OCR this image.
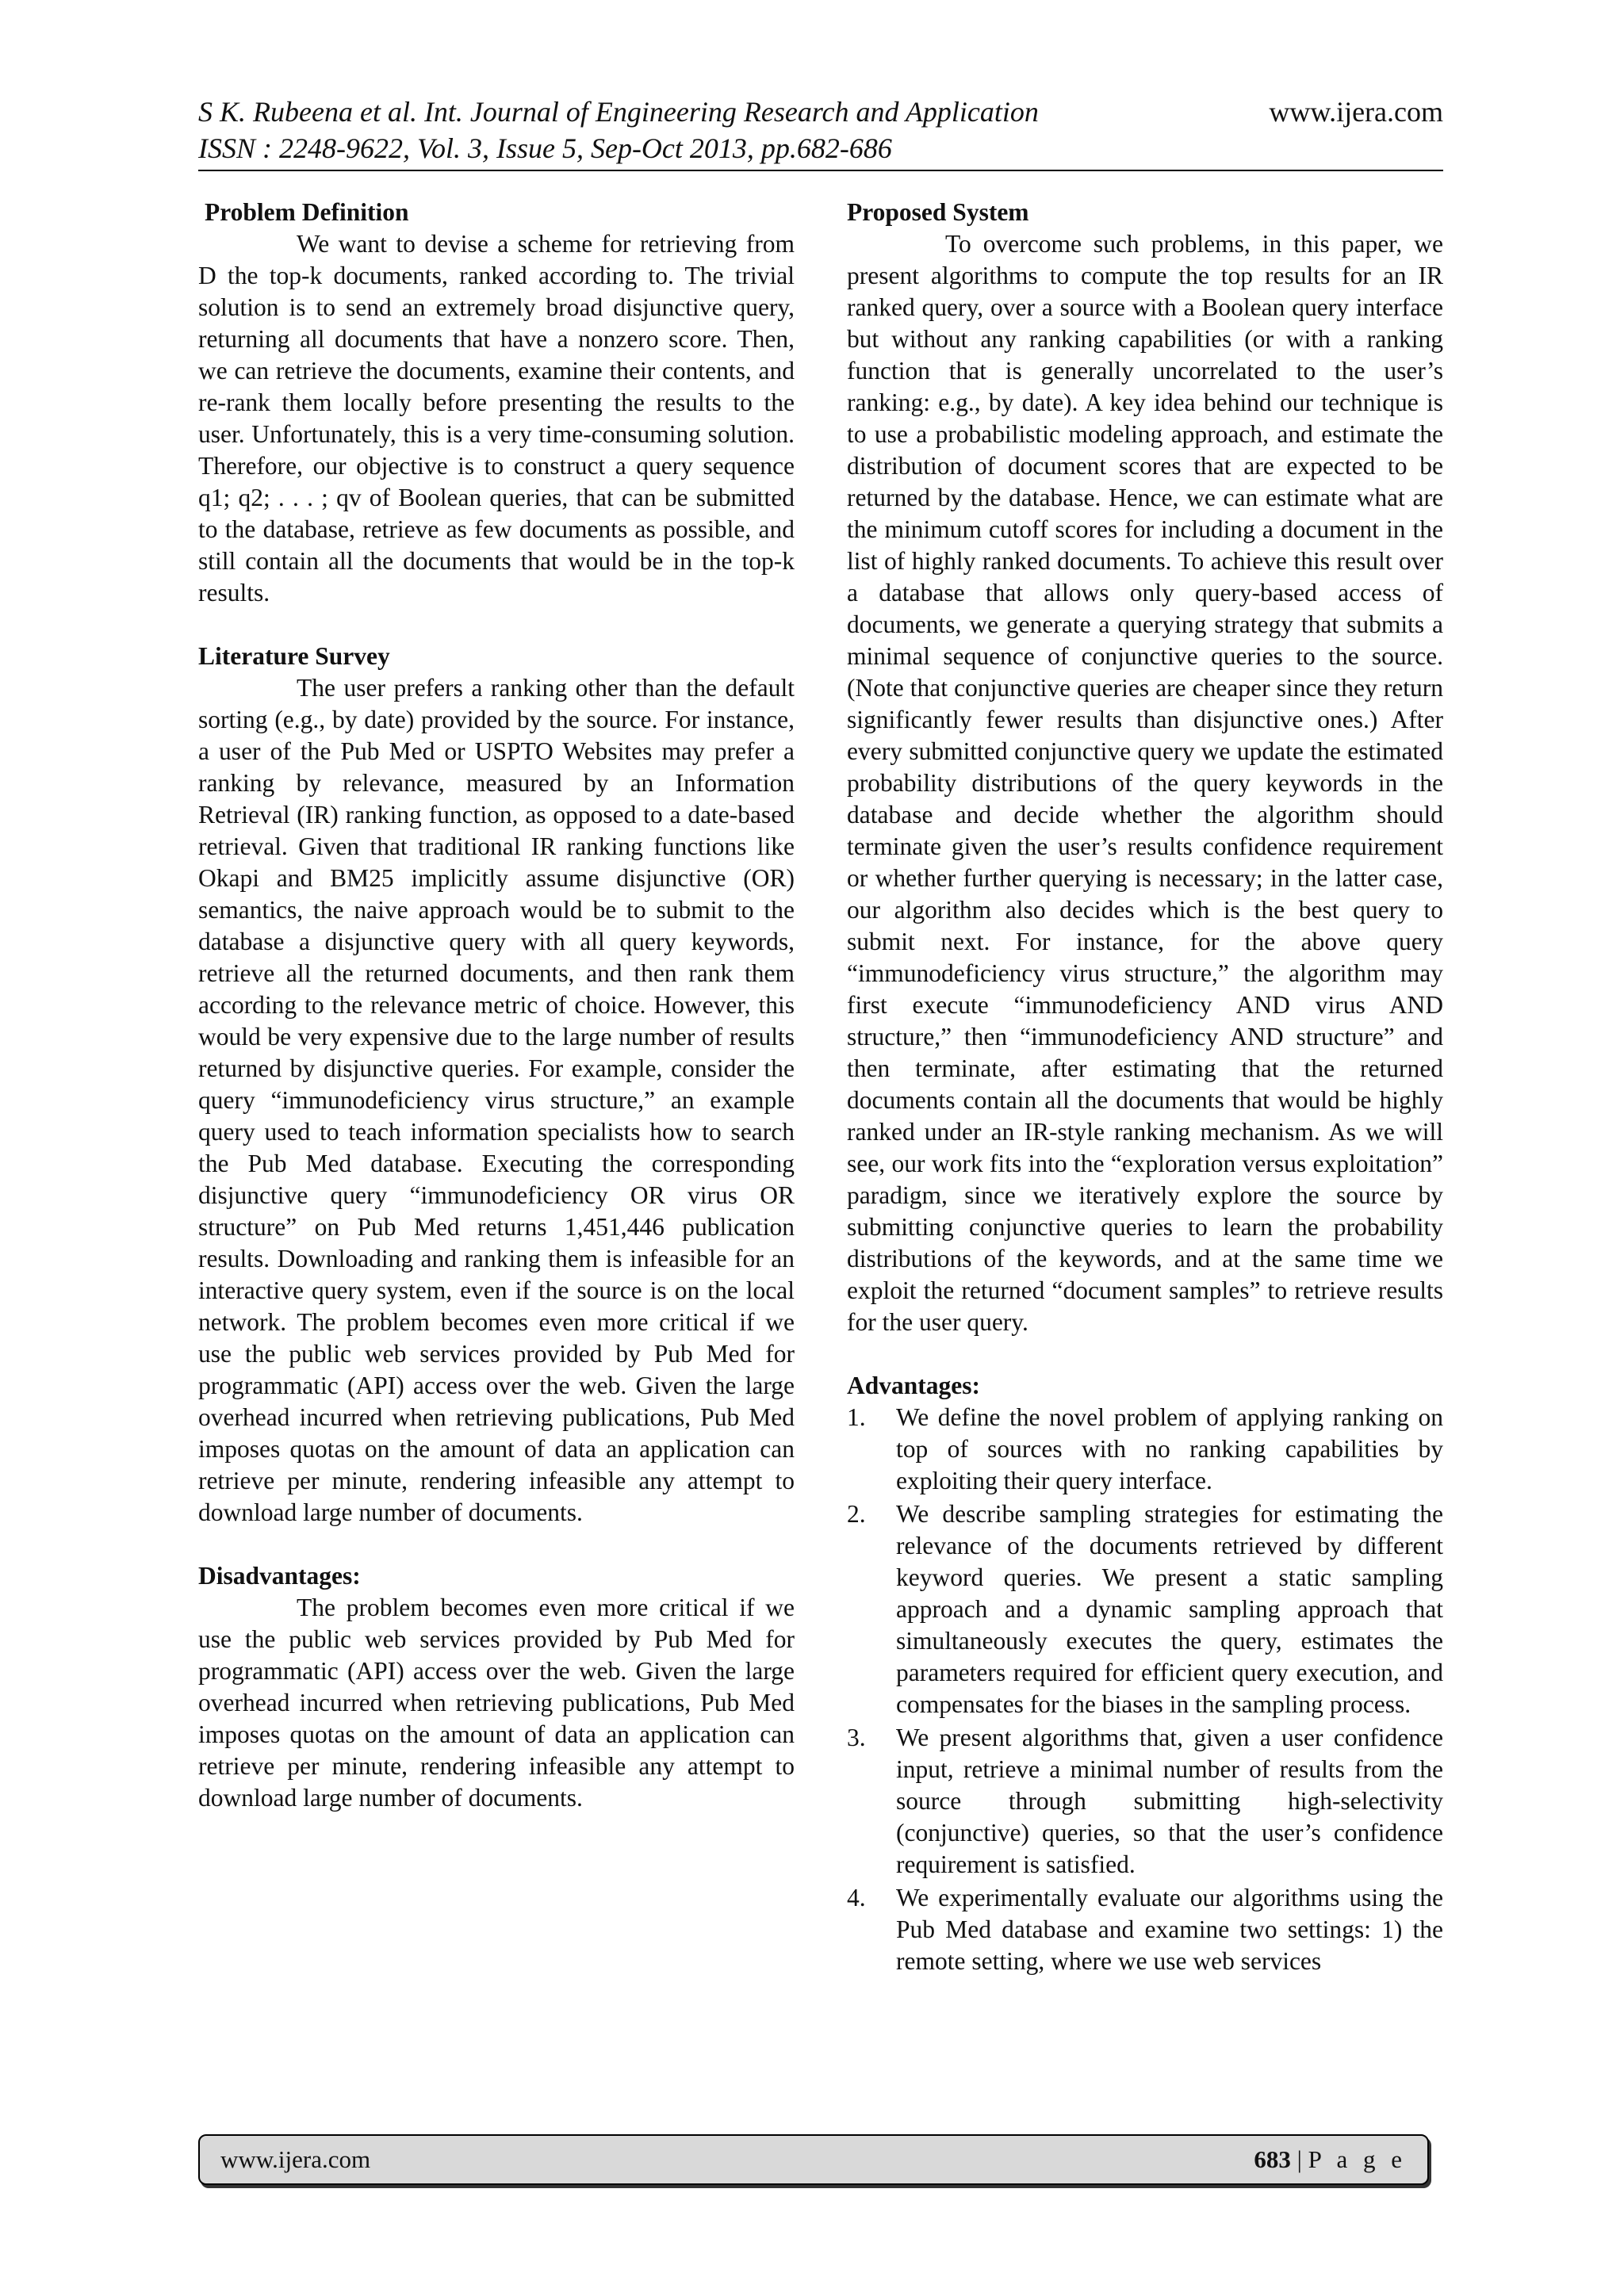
S K. Rubeena et al. Int. Journal of Engineering Research and Application	www.ijera.com
ISSN : 2248-9622, Vol. 3, Issue 5, Sep-Oct 2013, pp.682-686

Problem Definition

We want to devise a scheme for retrieving from D the top-k documents, ranked according to. The trivial solution is to send an extremely broad disjunctive query, returning all documents that have a nonzero score. Then, we can retrieve the documents, examine their contents, and re-rank them locally before presenting the results to the user. Unfortunately, this is a very time-consuming solution. Therefore, our objective is to construct a query sequence q1; q2; . . . ; qv of Boolean queries, that can be submitted to the database, retrieve as few documents as possible, and still contain all the documents that would be in the top-k results.

Literature Survey

The user prefers a ranking other than the default sorting (e.g., by date) provided by the source. For instance, a user of the Pub Med or USPTO Websites may prefer a ranking by relevance, measured by an Information Retrieval (IR) ranking function, as opposed to a date-based retrieval. Given that traditional IR ranking functions like Okapi and BM25 implicitly assume disjunctive (OR) semantics, the naive approach would be to submit to the database a disjunctive query with all query keywords, retrieve all the returned documents, and then rank them according to the relevance metric of choice. However, this would be very expensive due to the large number of results returned by disjunctive queries. For example, consider the query “immunodeficiency virus structure,” an example query used to teach information specialists how to search the Pub Med database. Executing the corresponding disjunctive query “immunodeficiency OR virus OR structure” on Pub Med returns 1,451,446 publication results. Downloading and ranking them is infeasible for an interactive query system, even if the source is on the local network. The problem becomes even more critical if we use the public web services provided by Pub Med for programmatic (API) access over the web. Given the large overhead incurred when retrieving publications, Pub Med imposes quotas on the amount of data an application can retrieve per minute, rendering infeasible any attempt to download large number of documents.

Disadvantages:

The problem becomes even more critical if we use the public web services provided by Pub Med for programmatic (API) access over the web. Given the large overhead incurred when retrieving publications, Pub Med imposes quotas on the amount of data an application can retrieve per minute, rendering infeasible any attempt to download large number of documents.

Proposed System

To overcome such problems, in this paper, we present algorithms to compute the top results for an IR ranked query, over a source with a Boolean query interface but without any ranking capabilities (or with a ranking function that is generally uncorrelated to the user’s ranking: e.g., by date). A key idea behind our technique is to use a probabilistic modeling approach, and estimate the distribution of document scores that are expected to be returned by the database. Hence, we can estimate what are the minimum cutoff scores for including a document in the list of highly ranked documents. To achieve this result over a database that allows only query-based access of documents, we generate a querying strategy that submits a minimal sequence of conjunctive queries to the source. (Note that conjunctive queries are cheaper since they return significantly fewer results than disjunctive ones.) After every submitted conjunctive query we update the estimated probability distributions of the query keywords in the database and decide whether the algorithm should terminate given the user’s results confidence requirement or whether further querying is necessary; in the latter case, our algorithm also decides which is the best query to submit next. For instance, for the above query “immunodeficiency virus structure,” the algorithm may first execute “immunodeficiency AND virus AND structure,” then “immunodeficiency AND structure” and then terminate, after estimating that the returned documents contain all the documents that would be highly ranked under an IR-style ranking mechanism. As we will see, our work fits into the “exploration versus exploitation” paradigm, since we iteratively explore the source by submitting conjunctive queries to learn the probability distributions of the keywords, and at the same time we exploit the returned “document samples” to retrieve results for the user query.

Advantages:

1. We define the novel problem of applying ranking on top of sources with no ranking capabilities by exploiting their query interface.
2. We describe sampling strategies for estimating the relevance of the documents retrieved by different keyword queries. We present a static sampling approach and a dynamic sampling approach that simultaneously executes the query, estimates the parameters required for efficient query execution, and compensates for the biases in the sampling process.
3. We present algorithms that, given a user confidence input, retrieve a minimal number of results from the source through submitting high-selectivity (conjunctive) queries, so that the user’s confidence requirement is satisfied.
4. We experimentally evaluate our algorithms using the Pub Med database and examine two settings: 1) the remote setting, where we use web services
www.ijera.com	683 | P a g e
